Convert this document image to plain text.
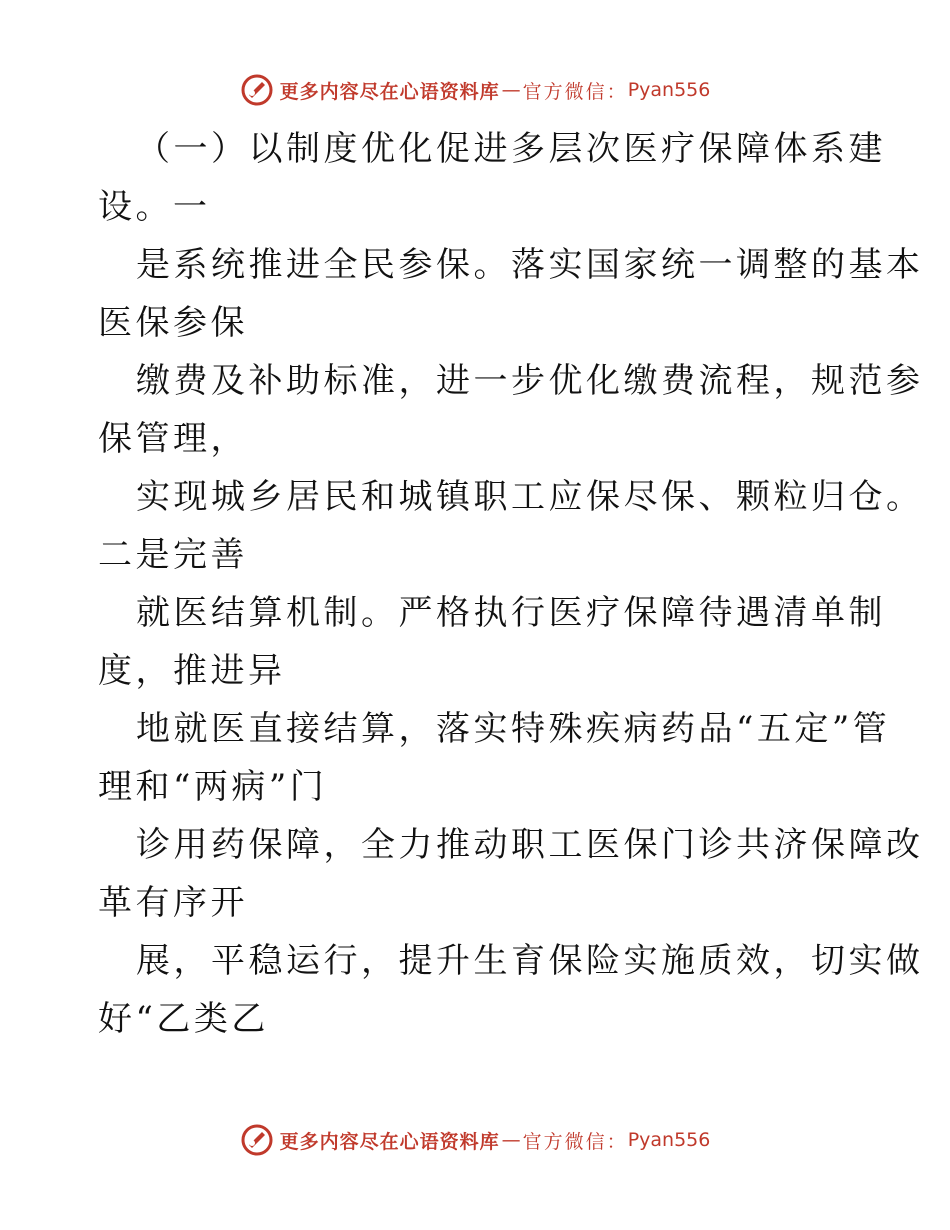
更多内容尽在心语资料库 — 官方微信： Pyan556

（一）以制度优化促进多层次医疗保障体系建

设。一

是系统推进全民参保。落实国家统一调整的基本

医保参保

缴费及补助标准，进一步优化缴费流程，规范参

保管理，

实现城乡居民和城镇职工应保尽保、颗粒归仓。

二是完善

就医结算机制。严格执行医疗保障待遇清单制

度，推进异

地就医直接结算，落实特殊疾病药品“五定”管

理和“两病”门

诊用药保障，全力推动职工医保门诊共济保障改

革有序开

展，平稳运行，提升生育保险实施质效，切实做

好“乙类乙

更多内容尽在心语资料库 — 官方微信： Pyan556
